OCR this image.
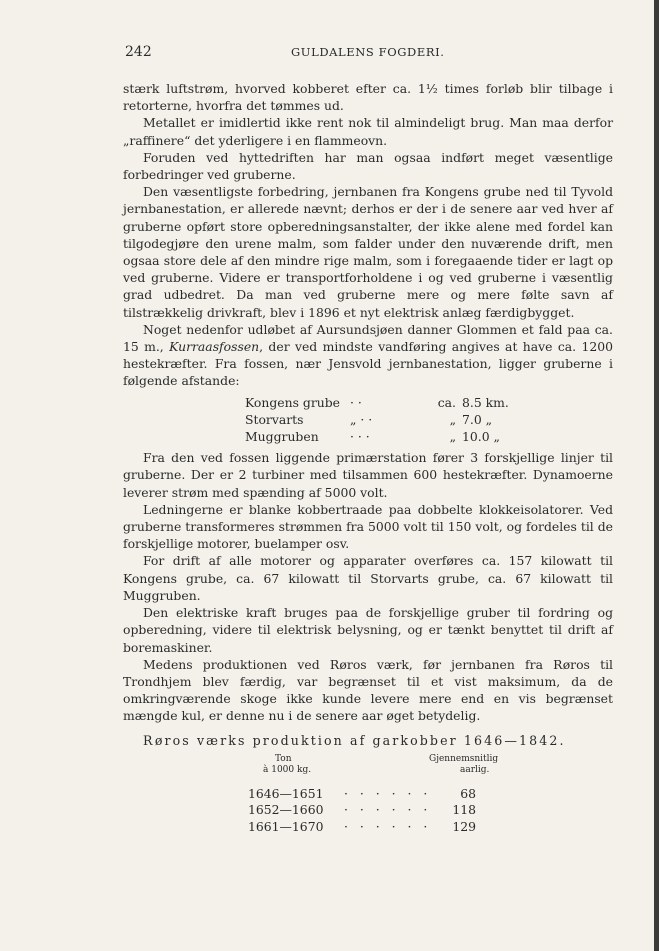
242	GULDALENS FOGDERI.

stærk luftstrøm, hvorved kobberet efter ca. 1½ times forløb blir tilbage i retorterne, hvorfra det tømmes ud.

Metallet er imidlertid ikke rent nok til almindeligt brug. Man maa derfor „raffinere“ det yderligere i en flammeovn.

Foruden ved hyttedriften har man ogsaa indført meget væsentlige forbedringer ved gruberne.

Den væsentligste forbedring, jernbanen fra Kongens grube ned til Tyvold jernbanestation, er allerede nævnt; derhos er der i de senere aar ved hver af gruberne opført store opberedningsanstalter, der ikke alene med fordel kan tilgodegjøre den urene malm, som falder under den nuværende drift, men ogsaa store dele af den mindre rige malm, som i foregaaende tider er lagt op ved gruberne. Videre er transportforholdene i og ved gruberne i væsentlig grad udbedret. Da man ved gruberne mere og mere følte savn af tilstrækkelig drivkraft, blev i 1896 et nyt elektrisk anlæg færdigbygget.

Noget nedenfor udløbet af Aursundsjøen danner Glommen et fald paa ca. 15 m., Kurraasfossen, der ved mindste vandføring angives at have ca. 1200 hestekræfter. Fra fossen, nær Jensvold jernbanestation, ligger gruberne i følgende afstande:

Kongens grube · ·	ca. 8.5 km.
Storvarts	„ · ·	„ 7.0 „
Muggruben	· · ·	„ 10.0 „

Fra den ved fossen liggende primærstation fører 3 forskjellige linjer til gruberne. Der er 2 turbiner med tilsammen 600 hestekræfter. Dynamoerne leverer strøm med spænding af 5000 volt.

Ledningerne er blanke kobbertraade paa dobbelte klokkeisolatorer. Ved gruberne transformeres strømmen fra 5000 volt til 150 volt, og fordeles til de forskjellige motorer, buelamper osv.

For drift af alle motorer og apparater overføres ca. 157 kilowatt til Kongens grube, ca. 67 kilowatt til Storvarts grube, ca. 67 kilowatt til Muggruben.

Den elektriske kraft bruges paa de forskjellige gruber til fordring og opberedning, videre til elektrisk belysning, og er tænkt benyttet til drift af boremaskiner.

Medens produktionen ved Røros værk, før jernbanen fra Røros til Trondhjem blev færdig, var begrænset til et vist maksimum, da de omkringværende skoge ikke kunde levere mere end en vis begrænset mængde kul, er denne nu i de senere aar øget betydelig.

Røros værks produktion af garkobber 1646—1842.
Ton
à 1000 kg.
Gjennemsnitlig
aarlig.
1646—1651	· · · · · ·	68
1652—1660	· · · · · ·	118
1661—1670	· · · · · ·	129
